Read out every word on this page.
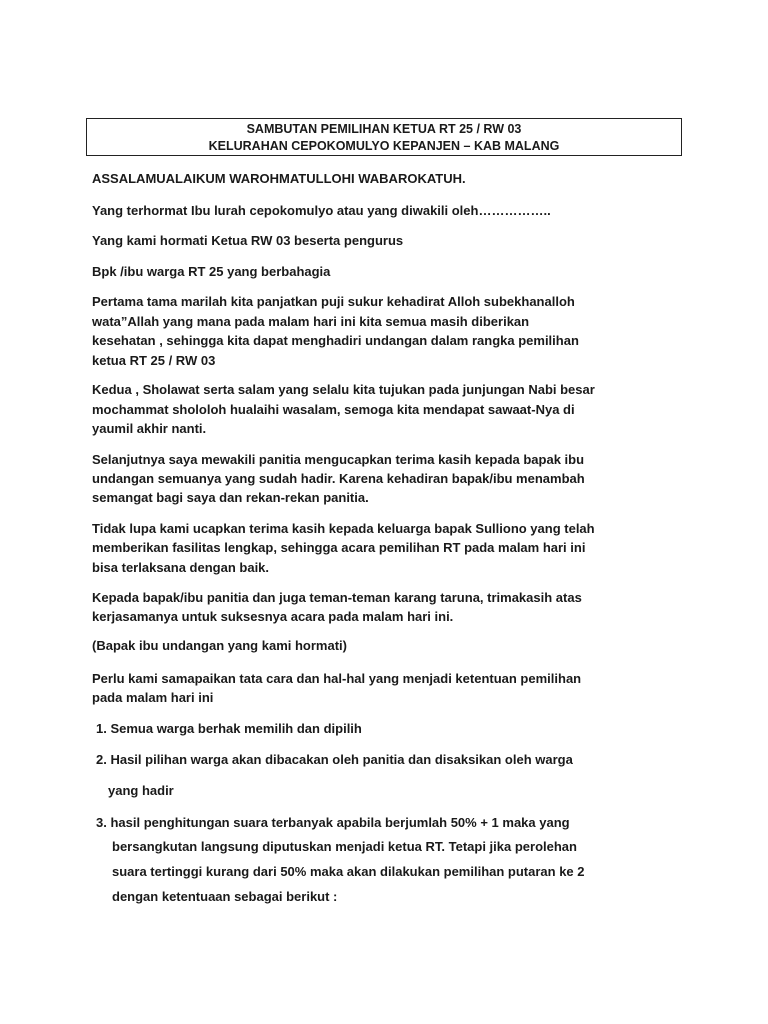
SAMBUTAN PEMILIHAN KETUA RT 25 / RW 03
KELURAHAN CEPOKOMULYO KEPANJEN – KAB MALANG
ASSALAMUALAIKUM WAROHMATULLOHI WABAROKATUH.
Yang terhormat Ibu lurah cepokomulyo atau yang diwakili oleh……………..
Yang kami hormati Ketua RW 03 beserta pengurus
Bpk /ibu warga RT 25 yang berbahagia
Pertama tama marilah kita panjatkan puji sukur kehadirat Alloh subekhanalloh
wata”Allah yang mana pada malam hari ini kita semua masih diberikan
kesehatan , sehingga kita dapat menghadiri undangan dalam rangka pemilihan
ketua RT 25 / RW 03
Kedua , Sholawat serta salam yang selalu kita tujukan pada junjungan Nabi besar
mochammat shololoh hualaihi wasalam, semoga kita mendapat sawaat-Nya di
yaumil akhir nanti.
Selanjutnya saya mewakili panitia mengucapkan terima kasih kepada bapak ibu
undangan semuanya yang sudah hadir. Karena kehadiran bapak/ibu menambah
semangat bagi saya dan rekan-rekan panitia.
Tidak lupa kami ucapkan terima kasih kepada keluarga bapak Sulliono yang telah
memberikan fasilitas lengkap, sehingga acara pemilihan RT pada malam hari ini
bisa terlaksana dengan baik.
Kepada bapak/ibu panitia dan juga teman-teman karang taruna, trimakasih atas
kerjasamanya untuk suksesnya acara pada malam hari ini.
(Bapak ibu undangan yang kami hormati)
Perlu kami samapaikan tata cara dan hal-hal yang menjadi ketentuan pemilihan
pada malam hari ini
1. Semua warga berhak memilih dan dipilih
2. Hasil pilihan warga akan dibacakan oleh panitia dan disaksikan oleh warga
yang hadir
3. hasil penghitungan suara terbanyak apabila berjumlah 50% + 1 maka yang
bersangkutan langsung diputuskan menjadi ketua RT. Tetapi jika perolehan
suara tertinggi kurang dari 50% maka akan dilakukan pemilihan putaran ke 2
dengan ketentuaan sebagai berikut :
